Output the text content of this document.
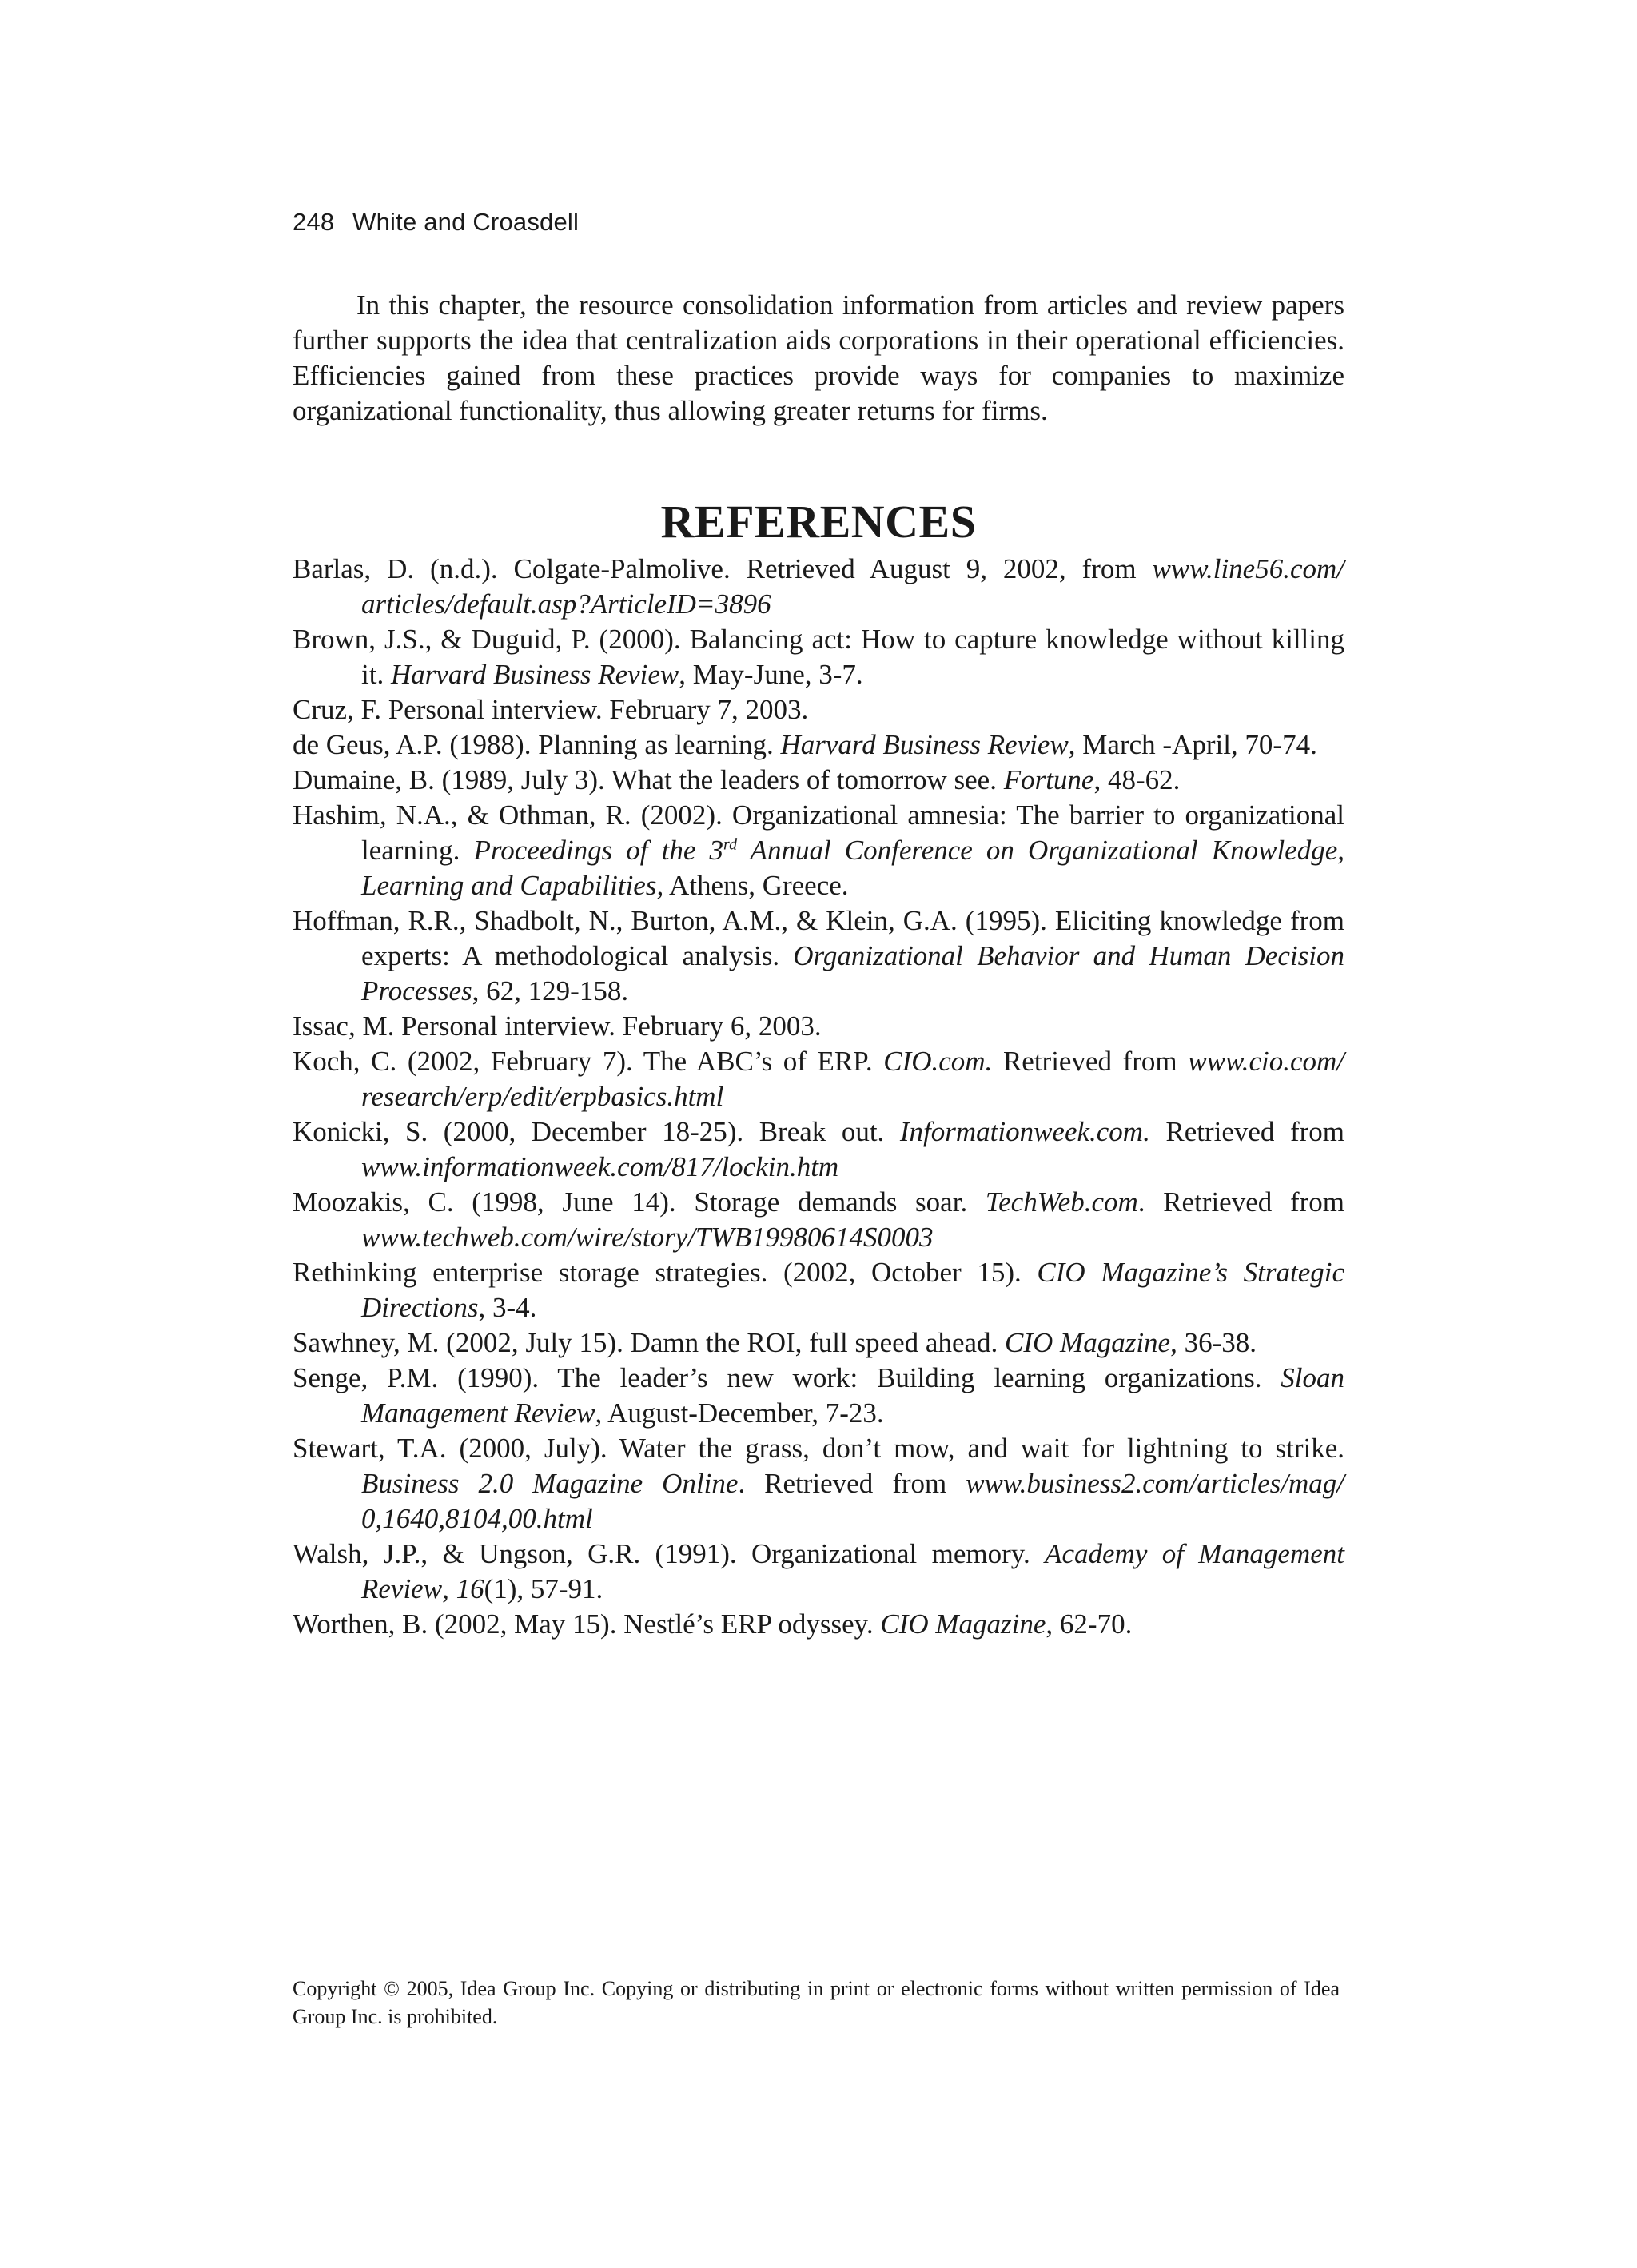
248 White and Croasdell

In this chapter, the resource consolidation information from articles and review papers further supports the idea that centralization aids corporations in their operational efficiencies. Efficiencies gained from these practices provide ways for companies to maximize organizational functionality, thus allowing greater returns for firms.

REFERENCES
Barlas, D. (n.d.). Colgate-Palmolive. Retrieved August 9, 2002, from www.line56.com/ articles/default.asp?ArticleID=3896
Brown, J.S., & Duguid, P. (2000). Balancing act: How to capture knowledge without killing it. Harvard Business Review, May-June, 3-7.
Cruz, F. Personal interview. February 7, 2003.
de Geus, A.P. (1988). Planning as learning. Harvard Business Review, March -April, 70-74.
Dumaine, B. (1989, July 3). What the leaders of tomorrow see. Fortune, 48-62.
Hashim, N.A., & Othman, R. (2002). Organizational amnesia: The barrier to organizational learning. Proceedings of the 3rd Annual Conference on Organizational Knowledge, Learning and Capabilities, Athens, Greece.
Hoffman, R.R., Shadbolt, N., Burton, A.M., & Klein, G.A. (1995). Eliciting knowledge from experts: A methodological analysis. Organizational Behavior and Human Decision Processes, 62, 129-158.
Issac, M. Personal interview. February 6, 2003.
Koch, C. (2002, February 7). The ABC’s of ERP. CIO.com. Retrieved from www.cio.com/ research/erp/edit/erpbasics.html
Konicki, S. (2000, December 18-25). Break out. Informationweek.com. Retrieved from www.informationweek.com/817/lockin.htm
Moozakis, C. (1998, June 14). Storage demands soar. TechWeb.com. Retrieved from www.techweb.com/wire/story/TWB19980614S0003
Rethinking enterprise storage strategies. (2002, October 15). CIO Magazine’s Strategic Directions, 3-4.
Sawhney, M. (2002, July 15). Damn the ROI, full speed ahead. CIO Magazine, 36-38.
Senge, P.M. (1990). The leader’s new work: Building learning organizations. Sloan Management Review, August-December, 7-23.
Stewart, T.A. (2000, July). Water the grass, don’t mow, and wait for lightning to strike. Business 2.0 Magazine Online. Retrieved from www.business2.com/articles/mag/ 0,1640,8104,00.html
Walsh, J.P., & Ungson, G.R. (1991). Organizational memory. Academy of Management Review, 16(1), 57-91.
Worthen, B. (2002, May 15). Nestlé’s ERP odyssey. CIO Magazine, 62-70.

Copyright © 2005, Idea Group Inc. Copying or distributing in print or electronic forms without written permission of Idea Group Inc. is prohibited.
